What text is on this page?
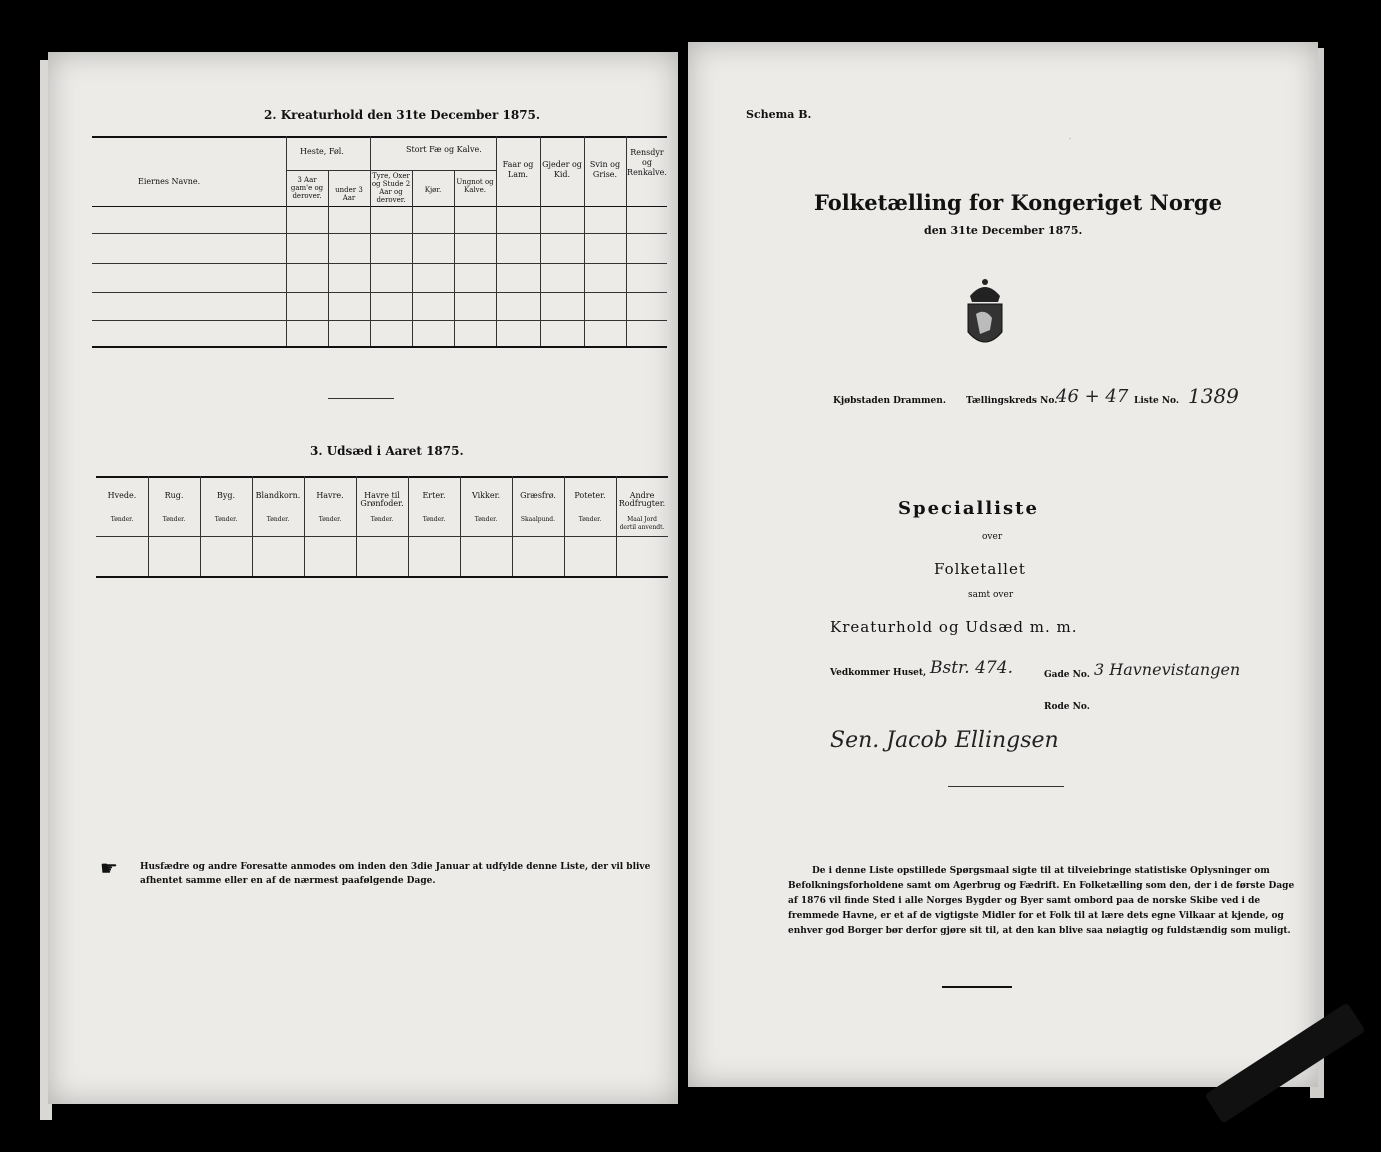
2. Kreaturhold den 31te December 1875.
Eiernes Navne.
Heste, Føl.
3 Aar gam'e og derover.
under 3 Aar
Stort Fæ og Kalve.
Tyre, Oxer og Stude 2 Aar og derover.
Kjør.
Ungnot og Kalve.
Faar og Lam.
Gjeder og Kid.
Svin og Grise.
Rensdyr og Renkalve.
3. Udsæd i Aaret 1875.
Hvede.
Tønder.
Rug.
Tønder.
Byg.
Tønder.
Blandkorn.
Tønder.
Havre.
Tønder.
Havre til Grønfoder.
Tønder.
Erter.
Tønder.
Vikker.
Tønder.
Græsfrø.
Skaalpund.
Poteter.
Tønder.
Andre Rodfrugter.
Maal Jord dertil anvendt.
☛ Husfædre og andre Foresatte anmodes om inden den 3die Januar at udfylde denne Liste, der vil blive afhentet samme eller en af de nærmest paafølgende Dage.
Schema B.
·
Folketælling for Kongeriget Norge
den 31te December 1875.
Kjøbstaden Drammen. Tællingskreds No.
46 + 47 Liste No. 1389
Specialliste
over
Folketallet
samt over
Kreaturhold og Udsæd m. m.
Vedkommer Huset, Bstr. 474.	Gade No. 3 Havnevistangen
Rode No.
Sen. Jacob Ellingsen
De i denne Liste opstillede Spørgsmaal sigte til at tilveiebringe statistiske Oplysninger om Befolkningsforholdene samt om Agerbrug og Fædrift. En Folketælling som den, der i de første Dage af 1876 vil finde Sted i alle Norges Bygder og Byer samt ombord paa de norske Skibe ved i de fremmede Havne, er et af de vigtigste Midler for et Folk til at lære dets egne Vilkaar at kjende, og enhver god Borger bør derfor gjøre sit til, at den kan blive saa nøiagtig og fuldstændig som muligt.
